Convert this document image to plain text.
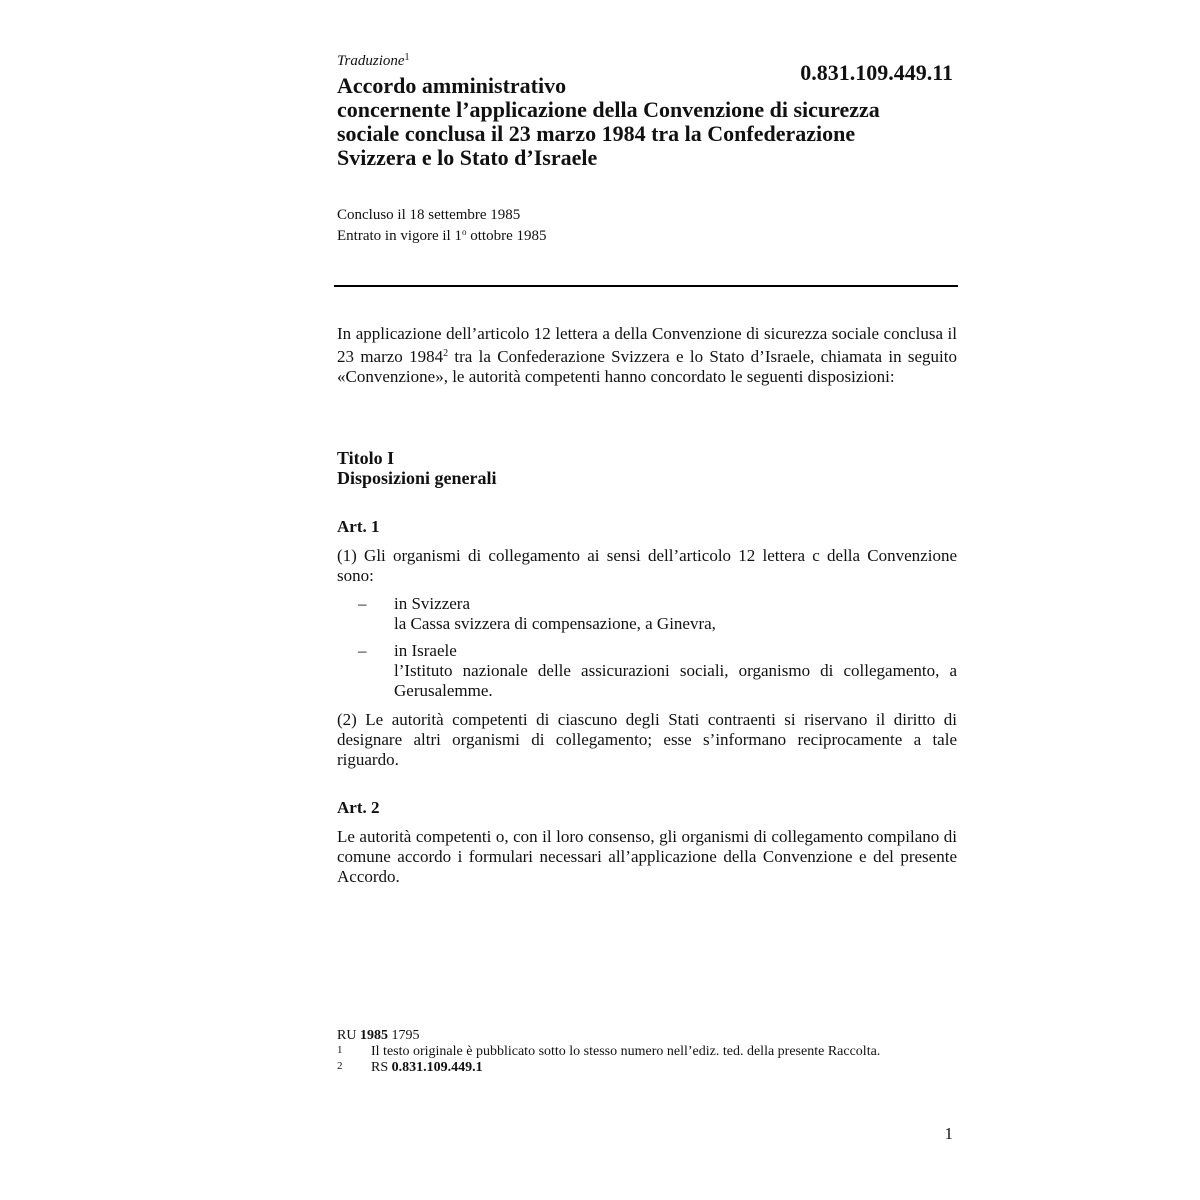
Traduzione$^1$
0.831.109.449.11
Accordo amministrativo
concernente l’applicazione della Convenzione di sicurezza
sociale conclusa il 23 marzo 1984 tra la Confederazione
Svizzera e lo Stato d’Israele
Concluso il 18 settembre 1985
Entrato in vigore il 1$^o$ ottobre 1985
In applicazione dell’articolo 12 lettera a della Convenzione di sicurezza sociale conclusa il 23 marzo 1984$^2$ tra la Confederazione Svizzera e lo Stato d’Israele, chiamata in seguito «Convenzione», le autorità competenti hanno concordato le seguenti disposizioni:
Titolo I
Disposizioni generali
Art. 1
(1) Gli organismi di collegamento ai sensi dell’articolo 12 lettera c della Convenzione sono:
– in Svizzera
la Cassa svizzera di compensazione, a Ginevra,
– in Israele
l’Istituto nazionale delle assicurazioni sociali, organismo di collegamento, a Gerusalemme.
(2) Le autorità competenti di ciascuno degli Stati contraenti si riservano il diritto di designare altri organismi di collegamento; esse s’informano reciprocamente a tale riguardo.
Art. 2
Le autorità competenti o, con il loro consenso, gli organismi di collegamento compilano di comune accordo i formulari necessari all’applicazione della Convenzione e del presente Accordo.
RU 1985 1795
1 Il testo originale è pubblicato sotto lo stesso numero nell’ediz. ted. della presente Raccolta.
2 RS 0.831.109.449.1
1
